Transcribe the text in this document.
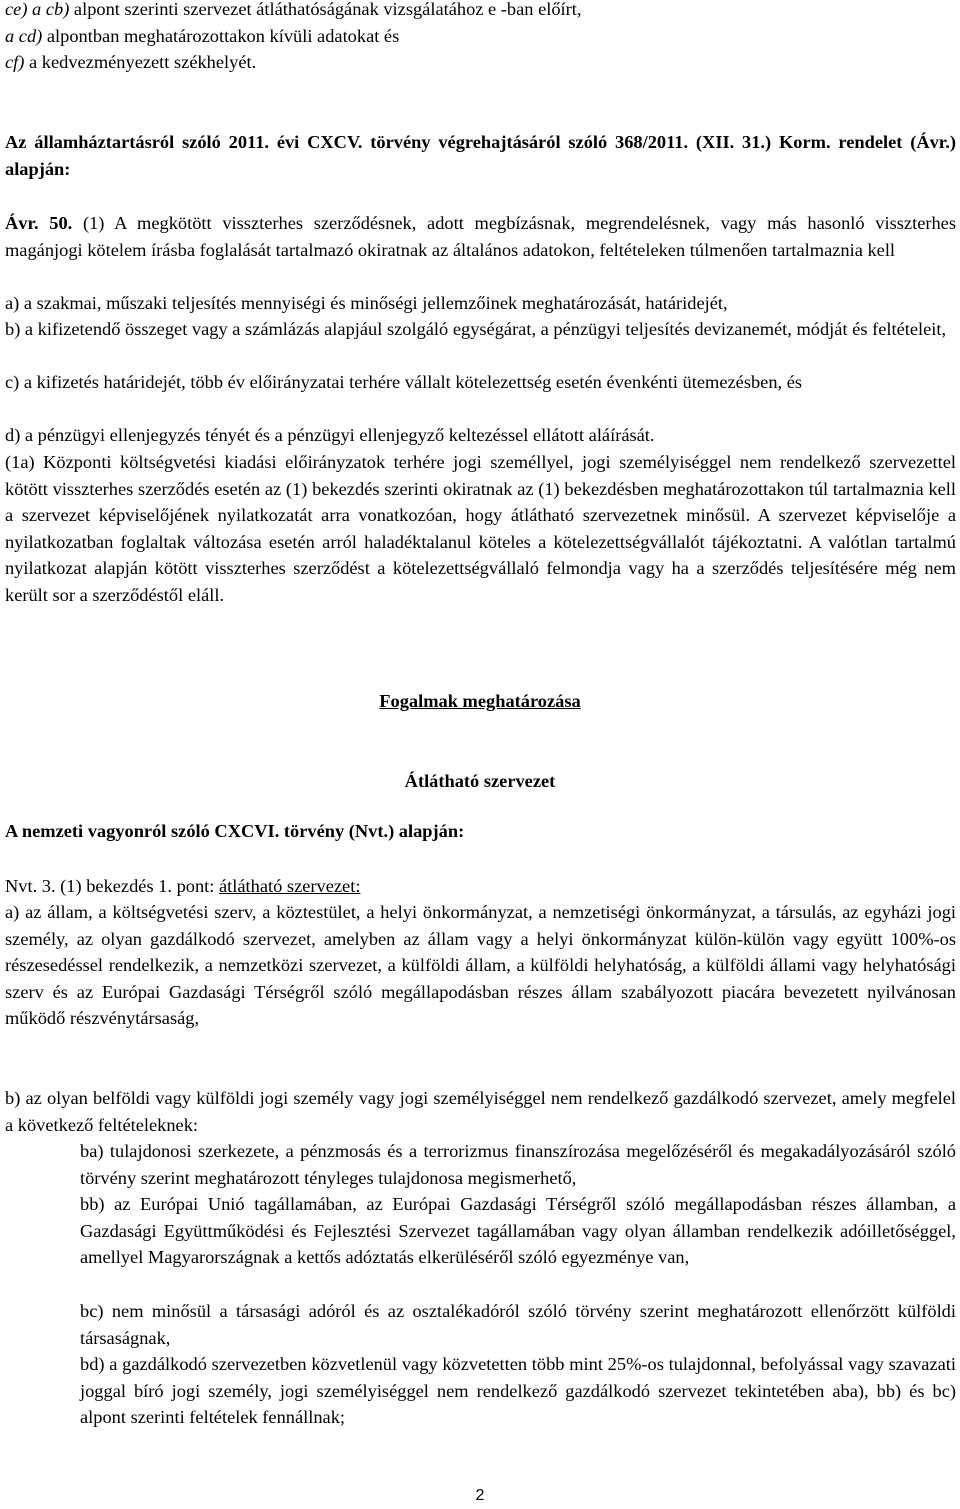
ce) a cb) alpont szerinti szervezet átláthatóságának vizsgálatához e -ban előírt,

a cd) alpontban meghatározottakon kívüli adatokat és

cf) a kedvezményezett székhelyét.

Az államháztartásról szóló 2011. évi CXCV. törvény végrehajtásáról szóló 368/2011. (XII. 31.) Korm. rendelet (Ávr.) alapján:

Ávr. 50. (1) A megkötött visszterhes szerződésnek, adott megbízásnak, megrendelésnek, vagy más hasonló visszterhes magánjogi kötelem írásba foglalását tartalmazó okiratnak az általános adatokon, feltételeken túlmenően tartalmaznia kell

a) a szakmai, műszaki teljesítés mennyiségi és minőségi jellemzőinek meghatározását, határidejét,

b) a kifizetendő összeget vagy a számlázás alapjául szolgáló egységárat, a pénzügyi teljesítés devizanemét, módját és feltételeit,

c) a kifizetés határidejét, több év előirányzatai terhére vállalt kötelezettség esetén évenkénti ütemezésben, és

d) a pénzügyi ellenjegyzés tényét és a pénzügyi ellenjegyző keltezéssel ellátott aláírását.

(1a) Központi költségvetési kiadási előirányzatok terhére jogi személlyel, jogi személyiséggel nem rendelkező szervezettel kötött visszterhes szerződés esetén az (1) bekezdés szerinti okiratnak az (1) bekezdésben meghatározottakon túl tartalmaznia kell a szervezet képviselőjének nyilatkozatát arra vonatkozóan, hogy átlátható szervezetnek minősül. A szervezet képviselője a nyilatkozatban foglaltak változása esetén arról haladéktalanul köteles a kötelezettségvállalót tájékoztatni. A valótlan tartalmú nyilatkozat alapján kötött visszterhes szerződést a kötelezettségvállaló felmondja vagy ha a szerződés teljesítésére még nem került sor a szerződéstől eláll.

Fogalmak meghatározása

Átlátható szervezet

A nemzeti vagyonról szóló CXCVI. törvény (Nvt.) alapján:

Nvt. 3. (1) bekezdés 1. pont: átlátható szervezet:

a) az állam, a költségvetési szerv, a köztestület, a helyi önkormányzat, a nemzetiségi önkormányzat, a társulás, az egyházi jogi személy, az olyan gazdálkodó szervezet, amelyben az állam vagy a helyi önkormányzat külön-külön vagy együtt 100%-os részesedéssel rendelkezik, a nemzetközi szervezet, a külföldi állam, a külföldi helyhatóság, a külföldi állami vagy helyhatósági szerv és az Európai Gazdasági Térségről szóló megállapodásban részes állam szabályozott piacára bevezetett nyilvánosan működő részvénytársaság,

b) az olyan belföldi vagy külföldi jogi személy vagy jogi személyiséggel nem rendelkező gazdálkodó szervezet, amely megfelel a következő feltételeknek:

ba) tulajdonosi szerkezete, a pénzmosás és a terrorizmus finanszírozása megelőzéséről és megakadályozásáról szóló törvény szerint meghatározott tényleges tulajdonosa megismerhető,

bb) az Európai Unió tagállamában, az Európai Gazdasági Térségről szóló megállapodásban részes államban, a Gazdasági Együttműködési és Fejlesztési Szervezet tagállamában vagy olyan államban rendelkezik adóilletőséggel, amellyel Magyarországnak a kettős adóztatás elkerüléséről szóló egyezménye van,

bc) nem minősül a társasági adóról és az osztalékadóról szóló törvény szerint meghatározott ellenőrzött külföldi társaságnak,

bd) a gazdálkodó szervezetben közvetlenül vagy közvetetten több mint 25%-os tulajdonnal, befolyással vagy szavazati joggal bíró jogi személy, jogi személyiséggel nem rendelkező gazdálkodó szervezet tekintetében aba), bb) és bc) alpont szerinti feltételek fennállnak;

2
